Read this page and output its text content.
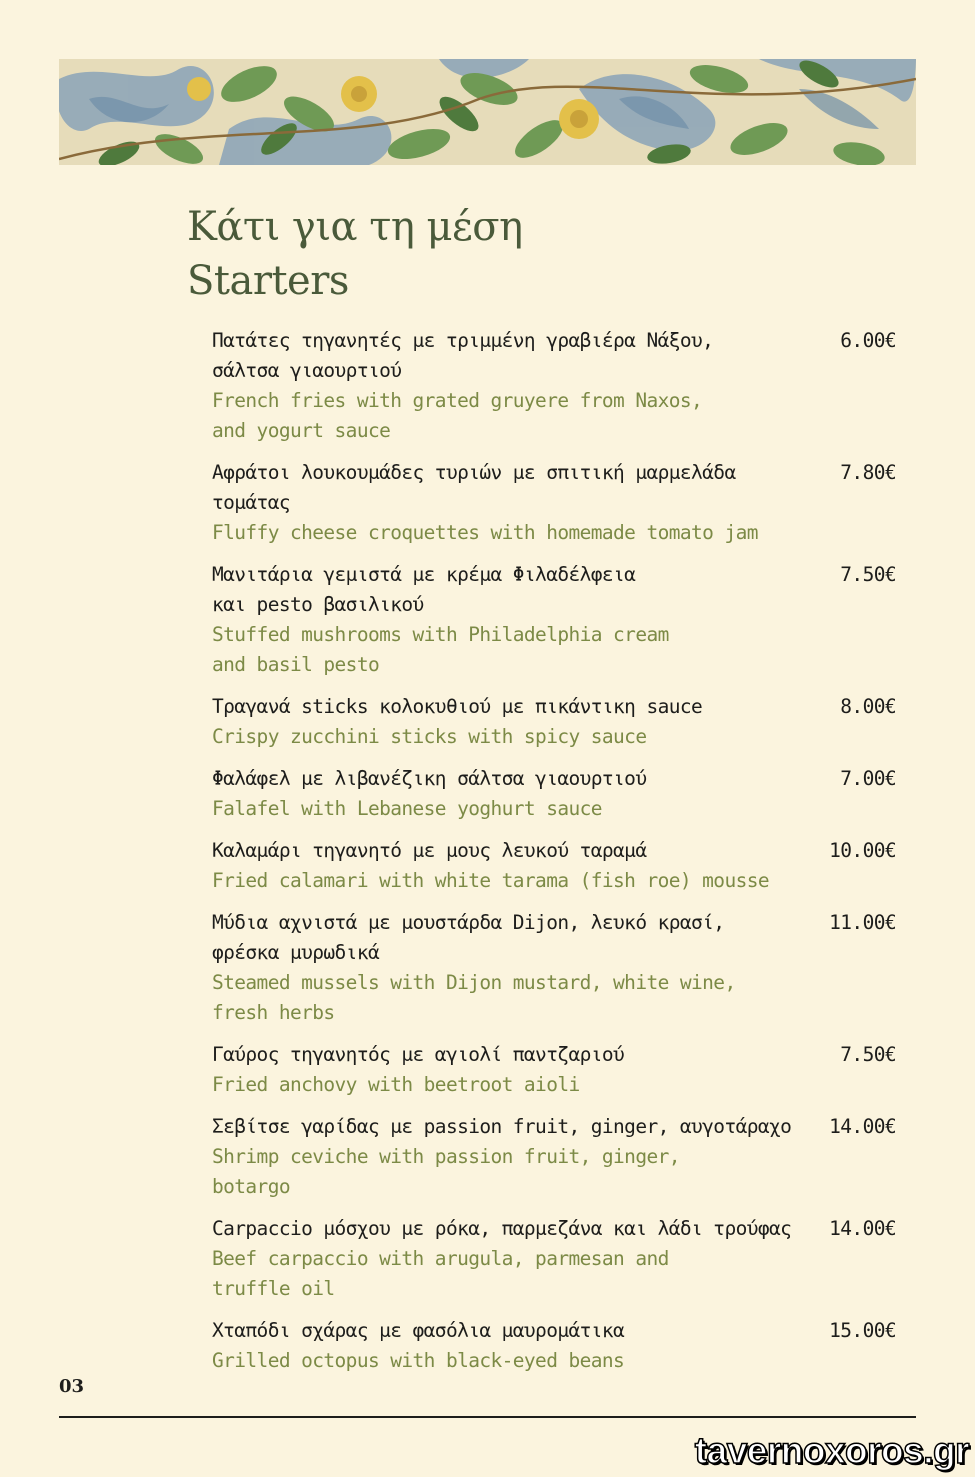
Κάτι για τη μέση
Starters
Πατάτες τηγανητές με τριμμένη γραβιέρα Νάξου,
σάλτσα γιαουρτιού
French fries with grated gruyere from Naxos,
and yogurt sauce
6.00€
Αφράτοι λουκουμάδες τυριών με σπιτική μαρμελάδα
τομάτας
Fluffy cheese croquettes with homemade tomato jam
7.80€
Μανιτάρια γεμιστά με κρέμα Φιλαδέλφεια
και pesto βασιλικού
Stuffed mushrooms with Philadelphia cream
and basil pesto
7.50€
Τραγανά sticks κολοκυθιού με πικάντικη sauce
Crispy zucchini sticks with spicy sauce
8.00€
Φαλάφελ με λιβανέζικη σάλτσα γιαουρτιού
Falafel with Lebanese yoghurt sauce
7.00€
Καλαμάρι τηγανητό με μους λευκού ταραμά
Fried calamari with white tarama (fish roe) mousse
10.00€
Μύδια αχνιστά με μουστάρδα Dijon, λευκό κρασί,
φρέσκα μυρωδικά
Steamed mussels with Dijon mustard, white wine,
fresh herbs
11.00€
Γαύρος τηγανητός με αγιολί παντζαριού
Fried anchovy with beetroot aioli
7.50€
Σεβίτσε γαρίδας με passion fruit, ginger, αυγοτάραχο
Shrimp ceviche with passion fruit, ginger,
botargo
14.00€
Carpaccio μόσχου με ρόκα, παρμεζάνα και λάδι τρούφας
Beef carpaccio with arugula, parmesan and
truffle oil
14.00€
Χταπόδι σχάρας με φασόλια μαυρομάτικα
Grilled octopus with black-eyed beans
15.00€
03
tavernoxoros.gr
